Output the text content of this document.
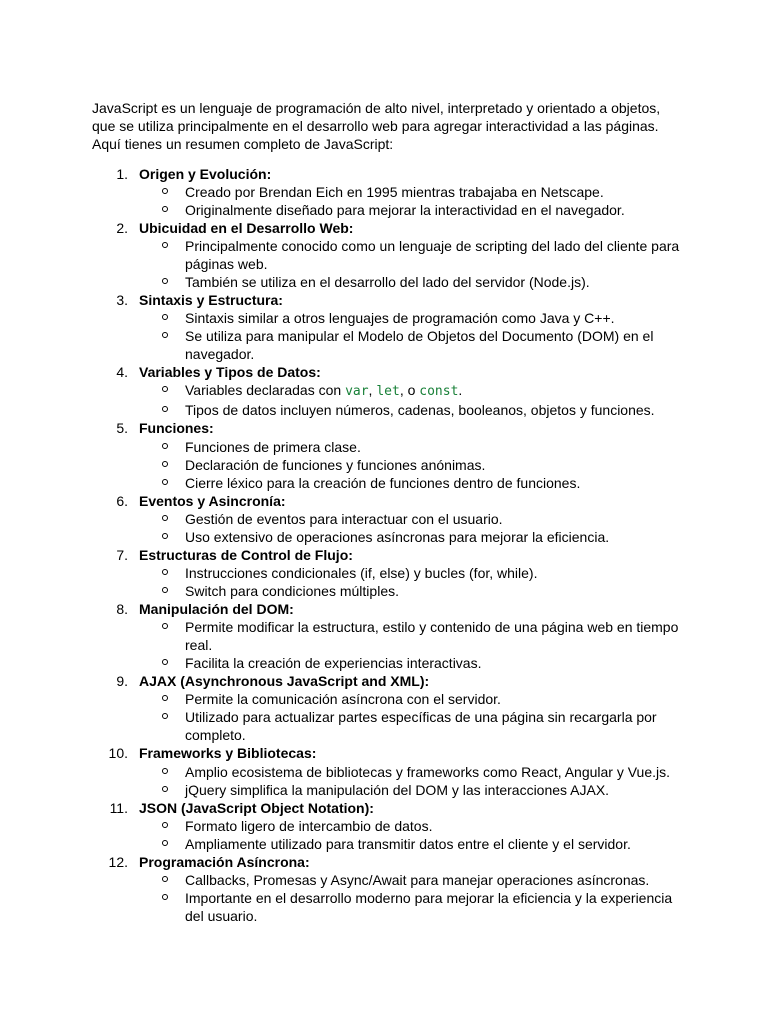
JavaScript es un lenguaje de programación de alto nivel, interpretado y orientado a objetos, que se utiliza principalmente en el desarrollo web para agregar interactividad a las páginas. Aquí tienes un resumen completo de JavaScript:

1. Origen y Evolución:
Creado por Brendan Eich en 1995 mientras trabajaba en Netscape.
Originalmente diseñado para mejorar la interactividad en el navegador.
2. Ubicuidad en el Desarrollo Web:
Principalmente conocido como un lenguaje de scripting del lado del cliente para páginas web.
También se utiliza en el desarrollo del lado del servidor (Node.js).
3. Sintaxis y Estructura:
Sintaxis similar a otros lenguajes de programación como Java y C++.
Se utiliza para manipular el Modelo de Objetos del Documento (DOM) en el navegador.
4. Variables y Tipos de Datos:
Variables declaradas con var, let, o const.
Tipos de datos incluyen números, cadenas, booleanos, objetos y funciones.
5. Funciones:
Funciones de primera clase.
Declaración de funciones y funciones anónimas.
Cierre léxico para la creación de funciones dentro de funciones.
6. Eventos y Asincronía:
Gestión de eventos para interactuar con el usuario.
Uso extensivo de operaciones asíncronas para mejorar la eficiencia.
7. Estructuras de Control de Flujo:
Instrucciones condicionales (if, else) y bucles (for, while).
Switch para condiciones múltiples.
8. Manipulación del DOM:
Permite modificar la estructura, estilo y contenido de una página web en tiempo real.
Facilita la creación de experiencias interactivas.
9. AJAX (Asynchronous JavaScript and XML):
Permite la comunicación asíncrona con el servidor.
Utilizado para actualizar partes específicas de una página sin recargarla por completo.
10. Frameworks y Bibliotecas:
Amplio ecosistema de bibliotecas y frameworks como React, Angular y Vue.js.
jQuery simplifica la manipulación del DOM y las interacciones AJAX.
11. JSON (JavaScript Object Notation):
Formato ligero de intercambio de datos.
Ampliamente utilizado para transmitir datos entre el cliente y el servidor.
12. Programación Asíncrona:
Callbacks, Promesas y Async/Await para manejar operaciones asíncronas.
Importante en el desarrollo moderno para mejorar la eficiencia y la experiencia del usuario.
